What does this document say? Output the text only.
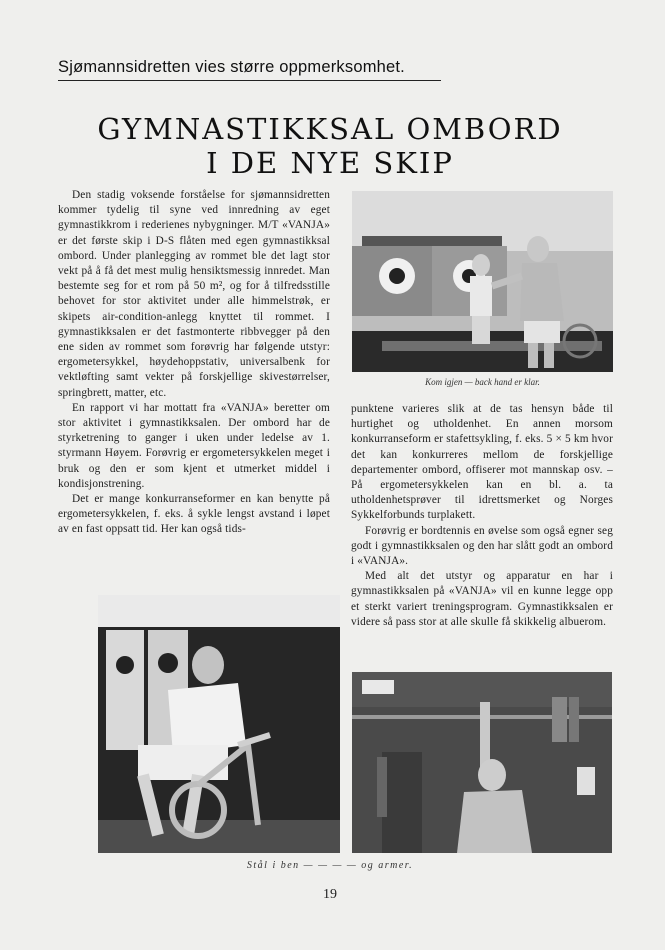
Sjømannsidretten vies større oppmerksomhet.
GYMNASTIKKSAL OMBORD
I DE NYE SKIP

Den stadig voksende forståelse for sjømannsidretten kommer tydelig til syne ved innredning av eget gymnastikkrom i rederienes nybygninger. M/T «VANJA» er det første skip i D-S flåten med egen gymnastikksal ombord. Under planlegging av rommet ble det lagt stor vekt på å få det mest mulig hensiktsmessig innredet. Man bestemte seg for et rom på 50 m², og for å tilfredsstille behovet for stor aktivitet under alle himmelstrøk, er skipets air-condition-anlegg knyttet til rommet. I gymnastikksalen er det fastmonterte ribbvegger på den ene siden av rommet som forøvrig har følgende utstyr: ergometersykkel, høydehoppstativ, universalbenk for vektløfting samt vekter på forskjellige skivestørrelser, springbrett, matter, etc.

En rapport vi har mottatt fra «VANJA» beretter om stor aktivitet i gymnastikksalen. Der ombord har de styrketrening to ganger i uken under ledelse av 1. styrmann Høyem. Forøvrig er ergometersykkelen meget i bruk og den er som kjent et utmerket middel i kondisjonstrening.

Det er mange konkurranseformer en kan benytte på ergometersykkelen, f. eks. å sykle lengst avstand i løpet av en fast oppsatt tid. Her kan også tids-

Kom igjen — back hand er klar.

punktene varieres slik at de tas hensyn både til hurtighet og utholdenhet. En annen morsom konkurranseform er stafettsykling, f. eks. 5 × 5 km hvor det kan konkurreres mellom de forskjellige departementer ombord, offiserer mot mannskap osv. – På ergometersykkelen kan en bl. a. ta utholdenhetsprøver til idrettsmerket og Norges Sykkelforbunds turplakett.

Forøvrig er bordtennis en øvelse som også egner seg godt i gymnastikksalen og den har slått godt an ombord i «VANJA».

Med alt det utstyr og apparatur en har i gymnastikksalen på «VANJA» vil en kunne legge opp et sterkt variert treningsprogram. Gymnastikksalen er videre så pass stor at alle skulle få skikkelig albuerom.

Stål i ben — — — — og armer.
19
